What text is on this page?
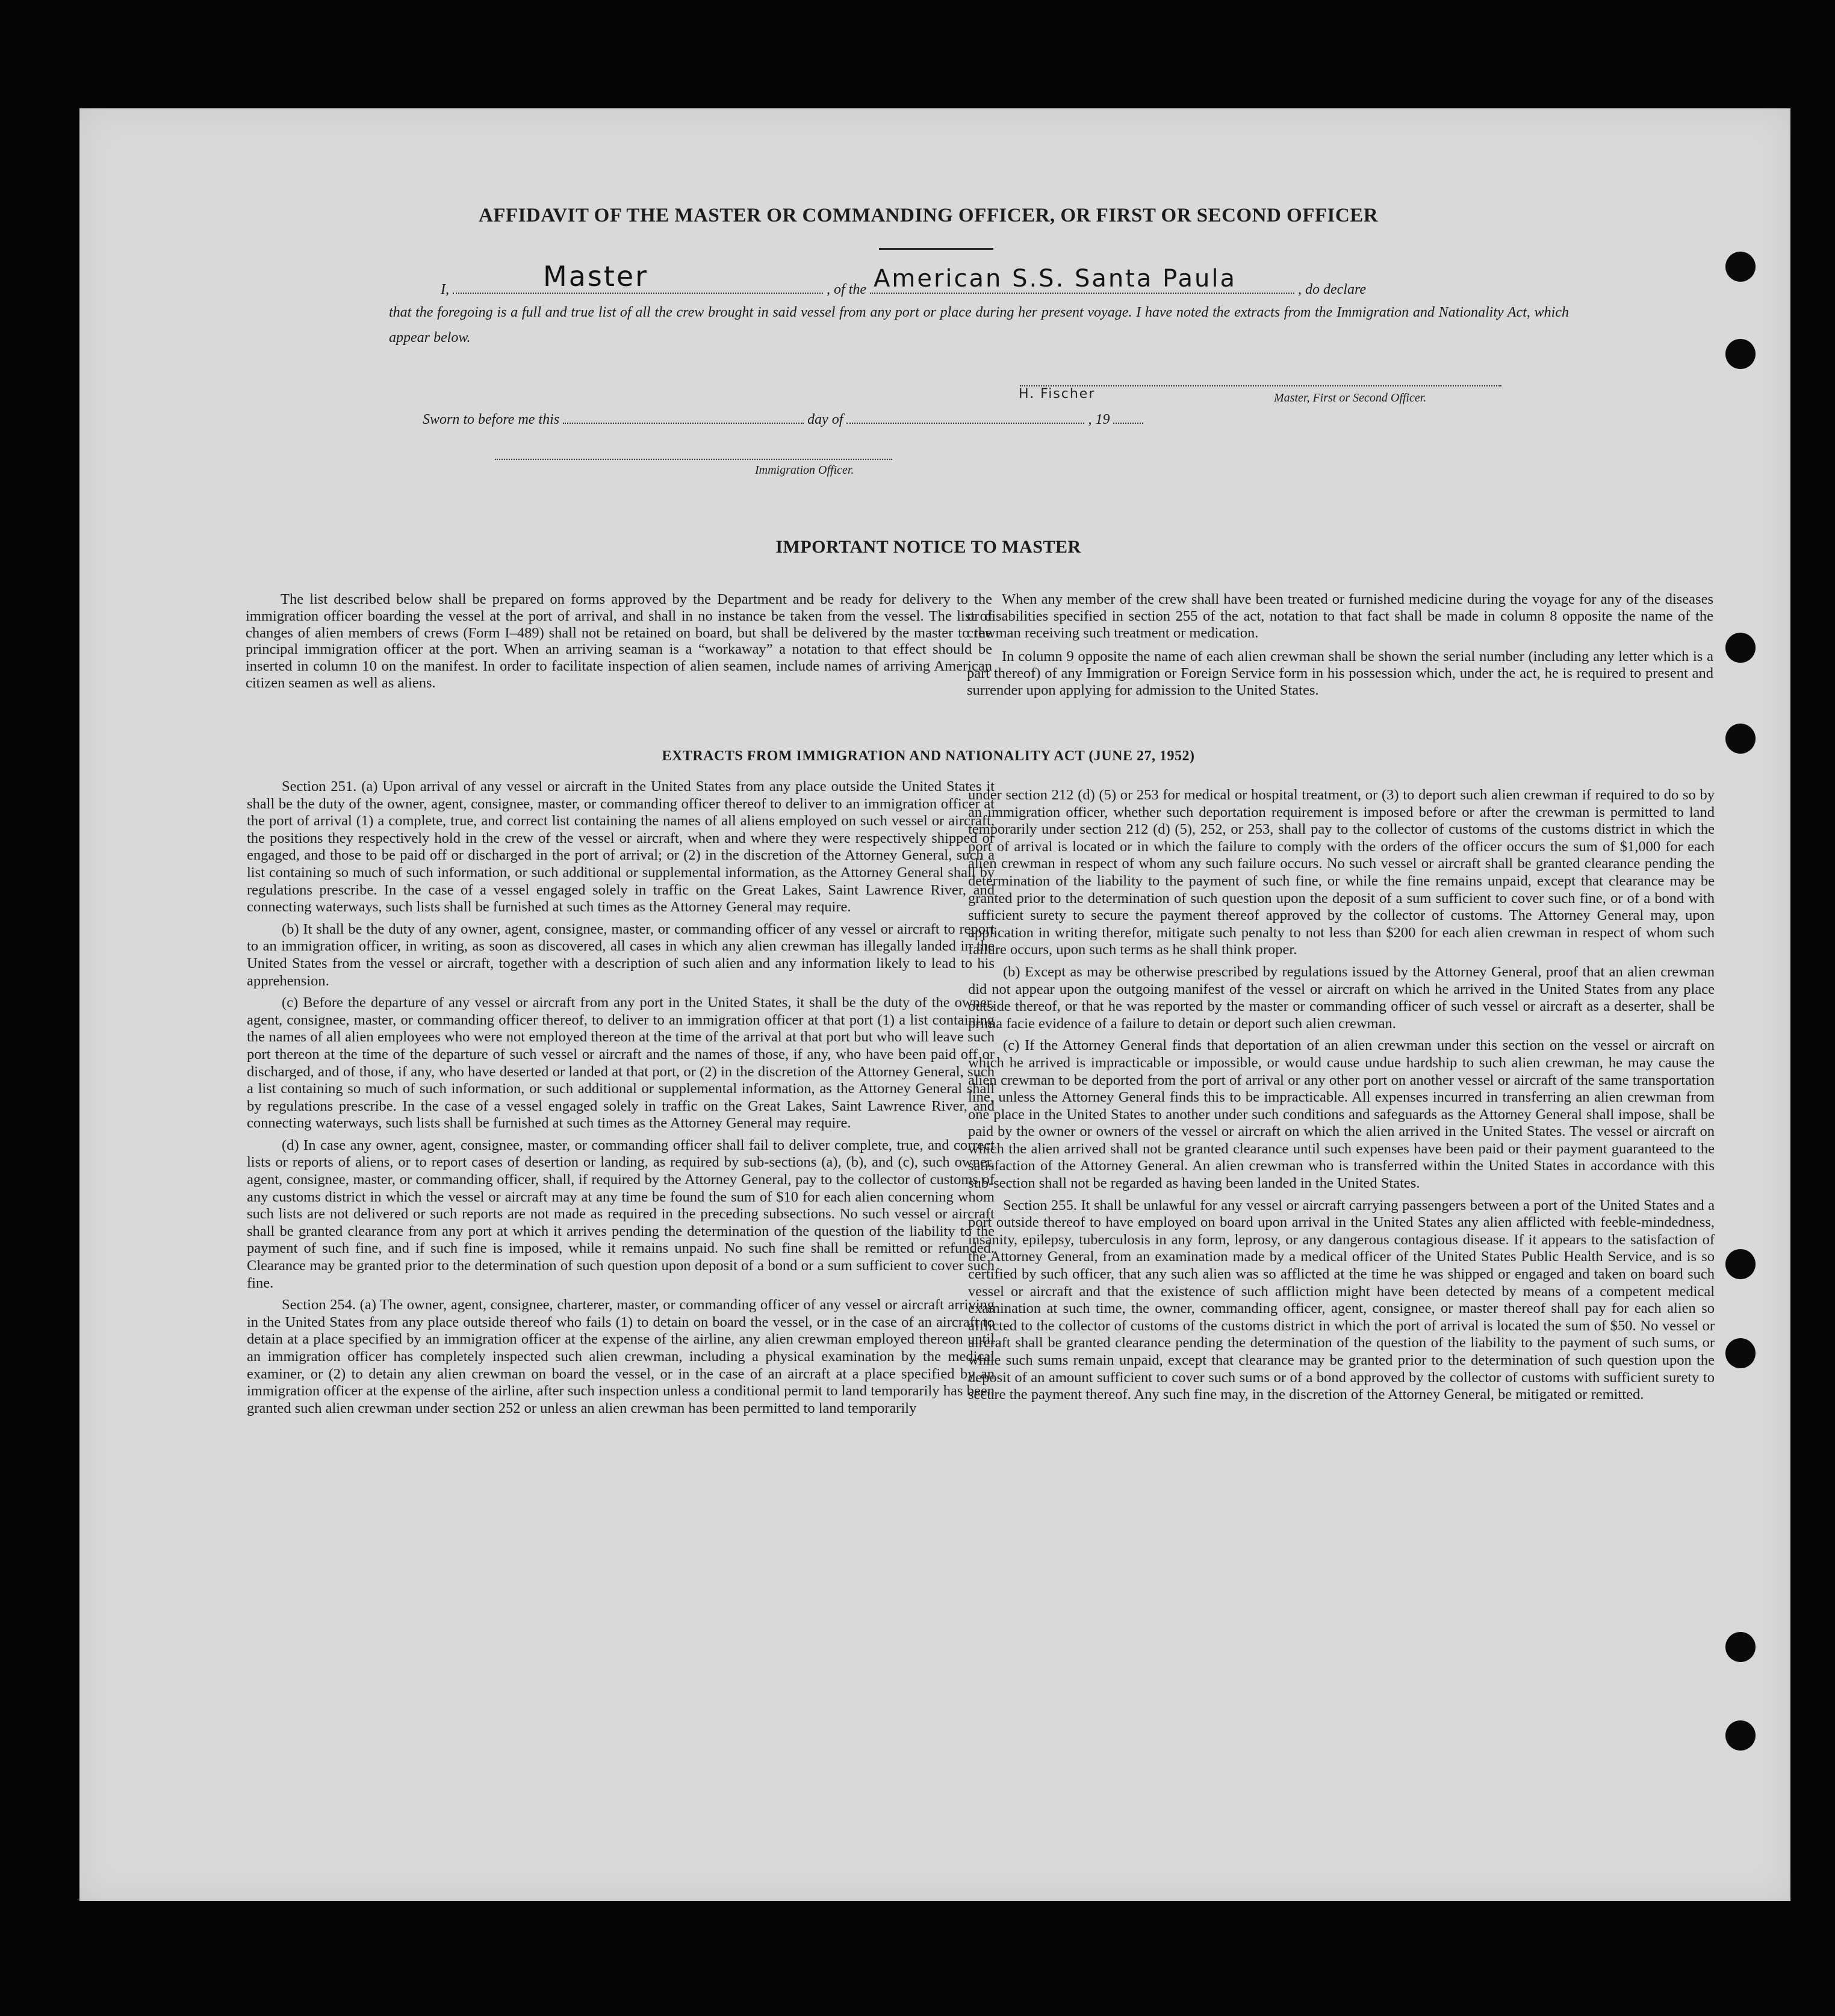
AFFIDAVIT OF THE MASTER OR COMMANDING OFFICER, OR FIRST OR SECOND OFFICER
I,	Master	, of the American S.S. Santa Paula	, do declare
that the foregoing is a full and true list of all the crew brought in said vessel from any port or place during her present voyage. I have noted the extracts from the Immigration and Nationality Act, which appear below.
H. Fischer	Master, First or Second Officer.
Sworn to before me this	day of	, 19
Immigration Officer.
IMPORTANT NOTICE TO MASTER

The list described below shall be prepared on forms approved by the Department and be ready for delivery to the immigration officer boarding the vessel at the port of arrival, and shall in no instance be taken from the vessel. The list of changes of alien members of crews (Form I–489) shall not be retained on board, but shall be delivered by the master to the principal immigration officer at the port. When an arriving seaman is a “workaway” a notation to that effect should be inserted in column 10 on the manifest. In order to facilitate inspection of alien seamen, include names of arriving American citizen seamen as well as aliens.

When any member of the crew shall have been treated or furnished medicine during the voyage for any of the diseases or disabilities specified in section 255 of the act, notation to that fact shall be made in column 8 opposite the name of the crewman receiving such treatment or medication.

In column 9 opposite the name of each alien crewman shall be shown the serial number (including any letter which is a part thereof) of any Immigration or Foreign Service form in his possession which, under the act, he is required to present and surrender upon applying for admission to the United States.

EXTRACTS FROM IMMIGRATION AND NATIONALITY ACT (JUNE 27, 1952)

Section 251. (a) Upon arrival of any vessel or aircraft in the United States from any place outside the United States it shall be the duty of the owner, agent, consignee, master, or commanding officer thereof to deliver to an immigration officer at the port of arrival (1) a complete, true, and correct list containing the names of all aliens employed on such vessel or aircraft, the positions they respectively hold in the crew of the vessel or aircraft, when and where they were respectively shipped or engaged, and those to be paid off or discharged in the port of arrival; or (2) in the discretion of the Attorney General, such a list containing so much of such information, or such additional or supplemental information, as the Attorney General shall by regulations prescribe. In the case of a vessel engaged solely in traffic on the Great Lakes, Saint Lawrence River, and connecting waterways, such lists shall be furnished at such times as the Attorney General may require.

(b) It shall be the duty of any owner, agent, consignee, master, or commanding officer of any vessel or aircraft to report to an immigration officer, in writing, as soon as discovered, all cases in which any alien crewman has illegally landed in the United States from the vessel or aircraft, together with a description of such alien and any information likely to lead to his apprehension.

(c) Before the departure of any vessel or aircraft from any port in the United States, it shall be the duty of the owner, agent, consignee, master, or commanding officer thereof, to deliver to an immigration officer at that port (1) a list containing the names of all alien employees who were not employed thereon at the time of the arrival at that port but who will leave such port thereon at the time of the departure of such vessel or aircraft and the names of those, if any, who have been paid off or discharged, and of those, if any, who have deserted or landed at that port, or (2) in the discretion of the Attorney General, such a list containing so much of such information, or such additional or supplemental information, as the Attorney General shall by regulations prescribe. In the case of a vessel engaged solely in traffic on the Great Lakes, Saint Lawrence River, and connecting waterways, such lists shall be furnished at such times as the Attorney General may require.

(d) In case any owner, agent, consignee, master, or commanding officer shall fail to deliver complete, true, and correct lists or reports of aliens, or to report cases of desertion or landing, as required by sub-sections (a), (b), and (c), such owner, agent, consignee, master, or commanding officer, shall, if required by the Attorney General, pay to the collector of customs of any customs district in which the vessel or aircraft may at any time be found the sum of $10 for each alien concerning whom such lists are not delivered or such reports are not made as required in the preceding subsections. No such vessel or aircraft shall be granted clearance from any port at which it arrives pending the determination of the question of the liability to the payment of such fine, and if such fine is imposed, while it remains unpaid. No such fine shall be remitted or refunded. Clearance may be granted prior to the determination of such question upon deposit of a bond or a sum sufficient to cover such fine.

Section 254. (a) The owner, agent, consignee, charterer, master, or commanding officer of any vessel or aircraft arriving in the United States from any place outside thereof who fails (1) to detain on board the vessel, or in the case of an aircraft to detain at a place specified by an immigration officer at the expense of the airline, any alien crewman employed thereon until an immigration officer has completely inspected such alien crewman, including a physical examination by the medical examiner, or (2) to detain any alien crewman on board the vessel, or in the case of an aircraft at a place specified by an immigration officer at the expense of the airline, after such inspection unless a conditional permit to land temporarily has been granted such alien crewman under section 252 or unless an alien crewman has been permitted to land temporarily

under section 212 (d) (5) or 253 for medical or hospital treatment, or (3) to deport such alien crewman if required to do so by an immigration officer, whether such deportation requirement is imposed before or after the crewman is permitted to land temporarily under section 212 (d) (5), 252, or 253, shall pay to the collector of customs of the customs district in which the port of arrival is located or in which the failure to comply with the orders of the officer occurs the sum of $1,000 for each alien crewman in respect of whom any such failure occurs. No such vessel or aircraft shall be granted clearance pending the determination of the liability to the payment of such fine, or while the fine remains unpaid, except that clearance may be granted prior to the determination of such question upon the deposit of a sum sufficient to cover such fine, or of a bond with sufficient surety to secure the payment thereof approved by the collector of customs. The Attorney General may, upon application in writing therefor, mitigate such penalty to not less than $200 for each alien crewman in respect of whom such failure occurs, upon such terms as he shall think proper.

(b) Except as may be otherwise prescribed by regulations issued by the Attorney General, proof that an alien crewman did not appear upon the outgoing manifest of the vessel or aircraft on which he arrived in the United States from any place outside thereof, or that he was reported by the master or commanding officer of such vessel or aircraft as a deserter, shall be prima facie evidence of a failure to detain or deport such alien crewman.

(c) If the Attorney General finds that deportation of an alien crewman under this section on the vessel or aircraft on which he arrived is impracticable or impossible, or would cause undue hardship to such alien crewman, he may cause the alien crewman to be deported from the port of arrival or any other port on another vessel or aircraft of the same transportation line, unless the Attorney General finds this to be impracticable. All expenses incurred in transferring an alien crewman from one place in the United States to another under such conditions and safeguards as the Attorney General shall impose, shall be paid by the owner or owners of the vessel or aircraft on which the alien arrived in the United States. The vessel or aircraft on which the alien arrived shall not be granted clearance until such expenses have been paid or their payment guaranteed to the satisfaction of the Attorney General. An alien crewman who is transferred within the United States in accordance with this sub-section shall not be regarded as having been landed in the United States.

Section 255. It shall be unlawful for any vessel or aircraft carrying passengers between a port of the United States and a port outside thereof to have employed on board upon arrival in the United States any alien afflicted with feeble-mindedness, insanity, epilepsy, tuberculosis in any form, leprosy, or any dangerous contagious disease. If it appears to the satisfaction of the Attorney General, from an examination made by a medical officer of the United States Public Health Service, and is so certified by such officer, that any such alien was so afflicted at the time he was shipped or engaged and taken on board such vessel or aircraft and that the existence of such affliction might have been detected by means of a competent medical examination at such time, the owner, commanding officer, agent, consignee, or master thereof shall pay for each alien so afflicted to the collector of customs of the customs district in which the port of arrival is located the sum of $50. No vessel or aircraft shall be granted clearance pending the determination of the question of the liability to the payment of such sums, or while such sums remain unpaid, except that clearance may be granted prior to the determination of such question upon the deposit of an amount sufficient to cover such sums or of a bond approved by the collector of customs with sufficient surety to secure the payment thereof. Any such fine may, in the discretion of the Attorney General, be mitigated or remitted.
